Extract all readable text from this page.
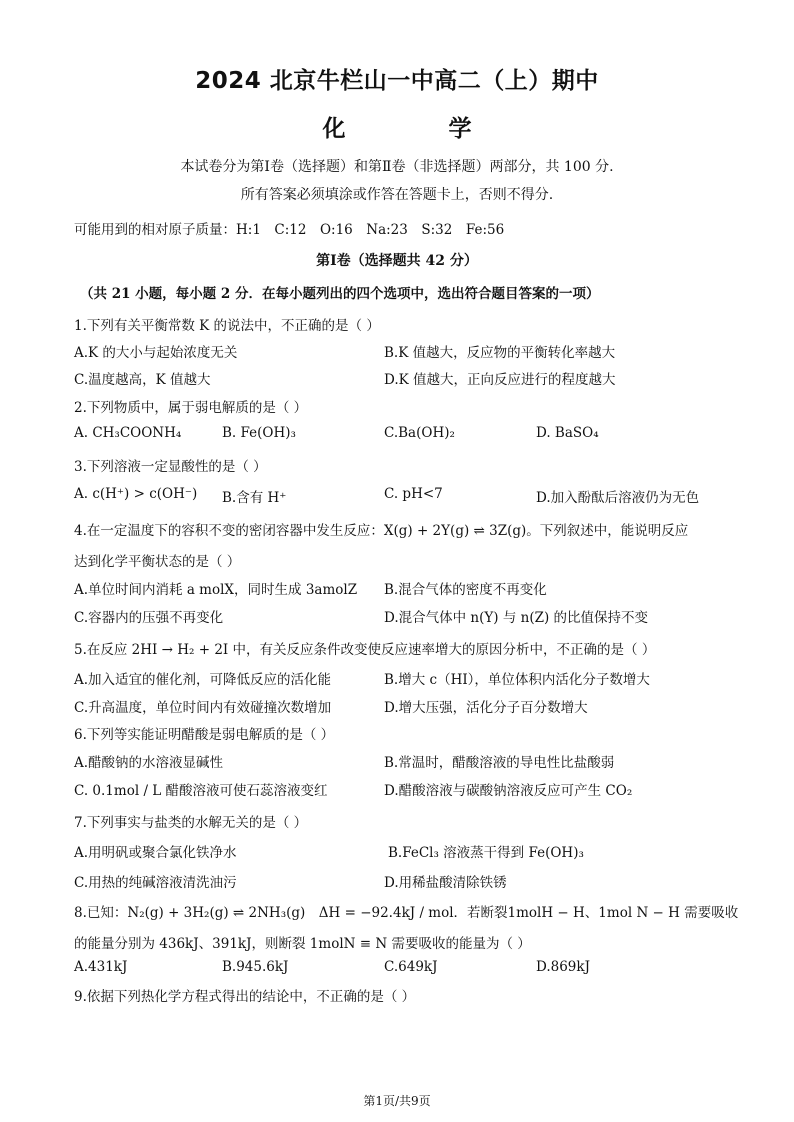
2024 北京牛栏山一中高二（上）期中
化　学
本试卷分为第Ⅰ卷（选择题）和第Ⅱ卷（非选择题）两部分，共 100 分.
所有答案必须填涂或作答在答题卡上，否则不得分.
可能用到的相对原子质量：H:1　C:12　O:16　Na:23　S:32　Fe:56
第Ⅰ卷（选择题共 42 分）
（共 21 小题，每小题 2 分．在每小题列出的四个选项中，选出符合题目答案的一项）
1.下列有关平衡常数 K 的说法中，不正确的是（ ）
A.K 的大小与起始浓度无关	B.K 值越大，反应物的平衡转化率越大
C.温度越高，K 值越大	D.K 值越大，正向反应进行的程度越大
2.下列物质中，属于弱电解质的是（ ）
A. CH₃COONH₄	B. Fe(OH)₃	C.Ba(OH)₂	D. BaSO₄
3.下列溶液一定显酸性的是（ ）
A. c(H⁺) > c(OH⁻) B.含有 H⁺	C. pH<7	D.加入酚酞后溶液仍为无色
4.在一定温度下的容积不变的密闭容器中发生反应：X(g) + 2Y(g) ⇌ 3Z(g)。下列叙述中，能说明反应
达到化学平衡状态的是（ ）
A.单位时间内消耗 a molX，同时生成 3amolZ B.混合气体的密度不再变化
C.容器内的压强不再变化	D.混合气体中 n(Y) 与 n(Z) 的比值保持不变
5.在反应 2HI → H₂ + 2I 中，有关反应条件改变使反应速率增大的原因分析中，不正确的是（ ）
A.加入适宜的催化剂，可降低反应的活化能	B.增大 c（HI），单位体积内活化分子数增大
C.升高温度，单位时间内有效碰撞次数增加	D.增大压强，活化分子百分数增大
6.下列等实能证明醋酸是弱电解质的是（ ）
A.醋酸钠的水溶液显碱性	B.常温时，醋酸溶液的导电性比盐酸弱
C. 0.1mol / L 醋酸溶液可使石蕊溶液变红	D.醋酸溶液与碳酸钠溶液反应可产生 CO₂
7.下列事实与盐类的水解无关的是（ ）
A.用明矾或聚合氯化铁净水	B.FeCl₃ 溶液蒸干得到 Fe(OH)₃
C.用热的纯碱溶液清洗油污	D.用稀盐酸清除铁锈
8.已知：N₂(g) + 3H₂(g) ⇌ 2NH₃(g)　ΔH = −92.4kJ / mol．若断裂1molH − H、1mol N − H 需要吸收
的能量分别为 436kJ、391kJ，则断裂 1molN ≡ N 需要吸收的能量为（ ）
A.431kJ	B.945.6kJ	C.649kJ	D.869kJ
9.依据下列热化学方程式得出的结论中，不正确的是（ ）
第1页/共9页
